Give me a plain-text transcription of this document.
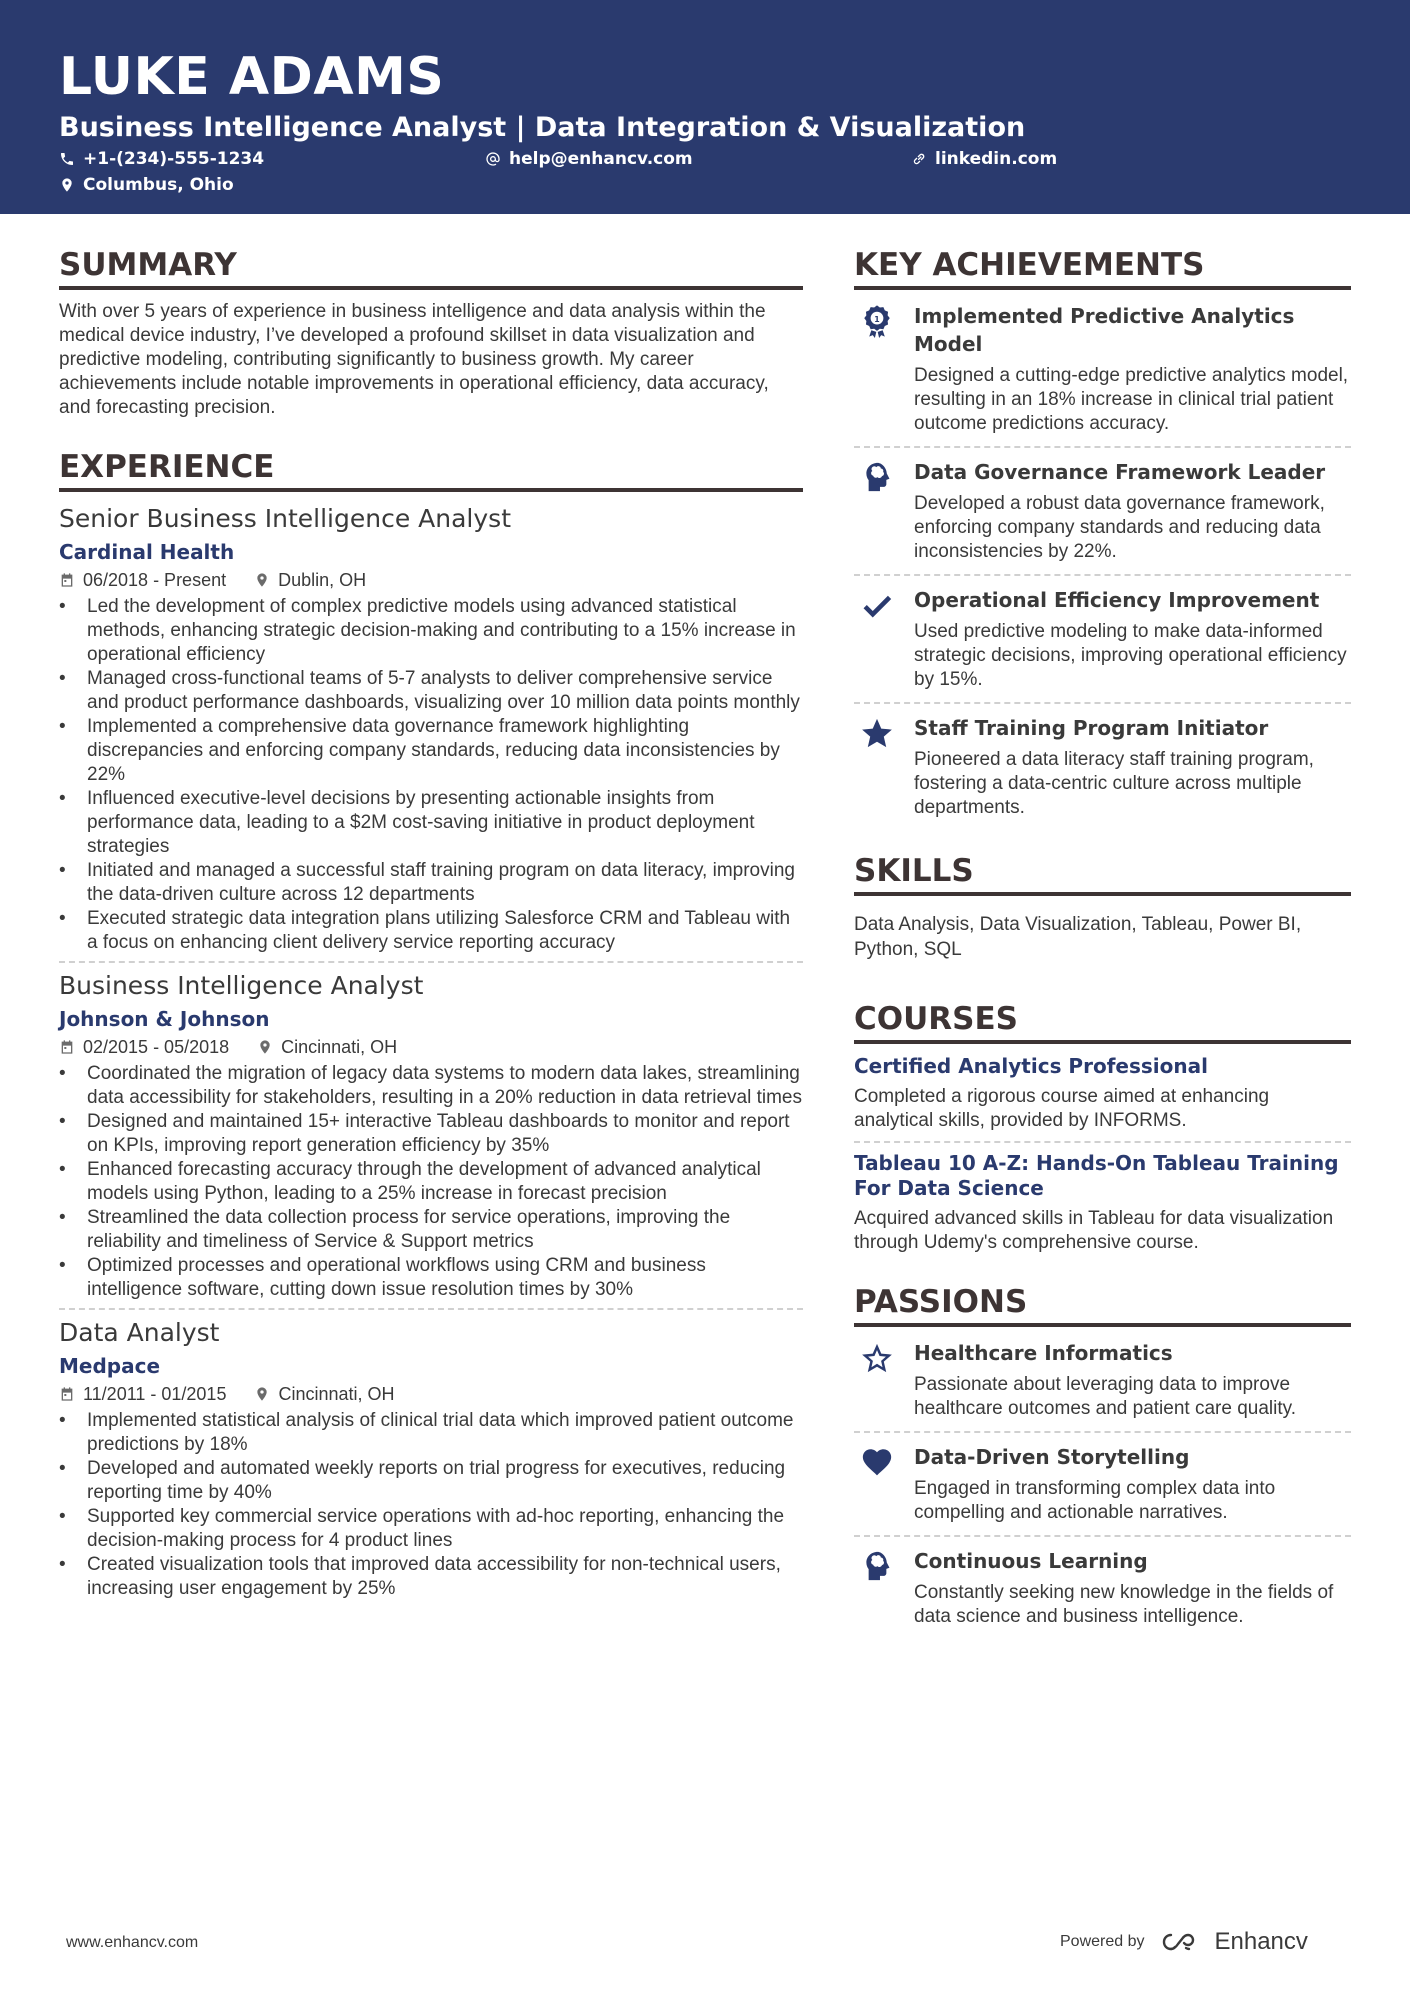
LUKE ADAMS
Business Intelligence Analyst | Data Integration & Visualization
+1-(234)-555-1234	help@enhancv.com	linkedin.com
Columbus, Ohio
SUMMARY
With over 5 years of experience in business intelligence and data analysis within the medical device industry, I’ve developed a profound skillset in data visualization and predictive modeling, contributing significantly to business growth. My career achievements include notable improvements in operational efficiency, data accuracy, and forecasting precision.
EXPERIENCE
Senior Business Intelligence Analyst
Cardinal Health
06/2018 - Present	Dublin, OH
• Led the development of complex predictive models using advanced statistical methods, enhancing strategic decision-making and contributing to a 15% increase in operational efficiency
• Managed cross-functional teams of 5-7 analysts to deliver comprehensive service and product performance dashboards, visualizing over 10 million data points monthly
• Implemented a comprehensive data governance framework highlighting discrepancies and enforcing company standards, reducing data inconsistencies by 22%
• Influenced executive-level decisions by presenting actionable insights from performance data, leading to a $2M cost-saving initiative in product deployment strategies
• Initiated and managed a successful staff training program on data literacy, improving the data-driven culture across 12 departments
• Executed strategic data integration plans utilizing Salesforce CRM and Tableau with a focus on enhancing client delivery service reporting accuracy
Business Intelligence Analyst
Johnson & Johnson
02/2015 - 05/2018	Cincinnati, OH
• Coordinated the migration of legacy data systems to modern data lakes, streamlining data accessibility for stakeholders, resulting in a 20% reduction in data retrieval times
• Designed and maintained 15+ interactive Tableau dashboards to monitor and report on KPIs, improving report generation efficiency by 35%
• Enhanced forecasting accuracy through the development of advanced analytical models using Python, leading to a 25% increase in forecast precision
• Streamlined the data collection process for service operations, improving the reliability and timeliness of Service & Support metrics
• Optimized processes and operational workflows using CRM and business intelligence software, cutting down issue resolution times by 30%
Data Analyst
Medpace
11/2011 - 01/2015	Cincinnati, OH
• Implemented statistical analysis of clinical trial data which improved patient outcome predictions by 18%
• Developed and automated weekly reports on trial progress for executives, reducing reporting time by 40%
• Supported key commercial service operations with ad-hoc reporting, enhancing the decision-making process for 4 product lines
• Created visualization tools that improved data accessibility for non-technical users, increasing user engagement by 25%
KEY ACHIEVEMENTS
1 Implemented Predictive Analytics Model
Designed a cutting-edge predictive analytics model, resulting in an 18% increase in clinical trial patient outcome predictions accuracy.
Data Governance Framework Leader
Developed a robust data governance framework, enforcing company standards and reducing data inconsistencies by 22%.
Operational Efficiency Improvement
Used predictive modeling to make data-informed strategic decisions, improving operational efficiency by 15%.
Staff Training Program Initiator
Pioneered a data literacy staff training program, fostering a data-centric culture across multiple departments.
SKILLS
Data Analysis, Data Visualization, Tableau, Power BI, Python, SQL
COURSES
Certified Analytics Professional
Completed a rigorous course aimed at enhancing analytical skills, provided by INFORMS.
Tableau 10 A-Z: Hands-On Tableau Training For Data Science
Acquired advanced skills in Tableau for data visualization through Udemy's comprehensive course.
PASSIONS
Healthcare Informatics
Passionate about leveraging data to improve healthcare outcomes and patient care quality.
Data-Driven Storytelling
Engaged in transforming complex data into compelling and actionable narratives.
Continuous Learning
Constantly seeking new knowledge in the fields of data science and business intelligence.
www.enhancv.com	Powered by	Enhancv
